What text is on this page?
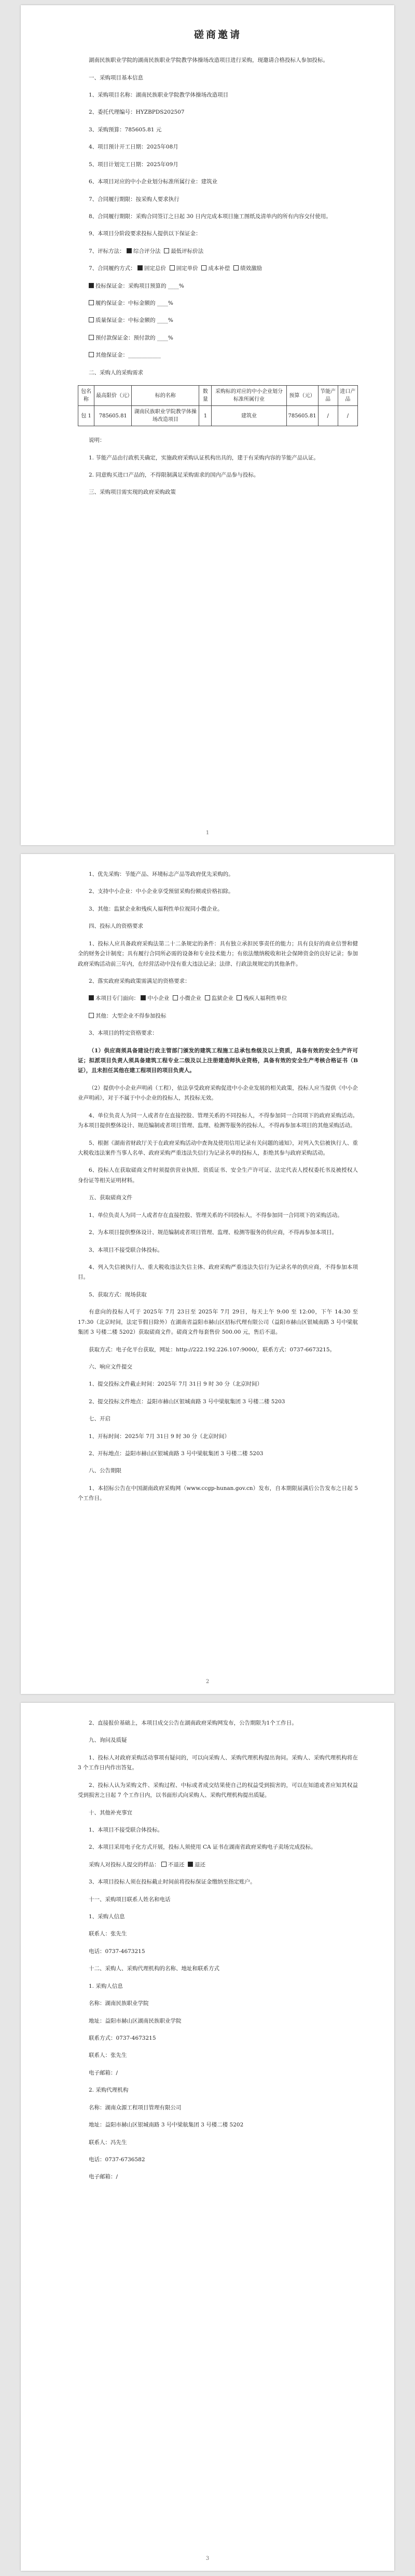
磋商邀请
湖南民族职业学院的湖南民族职业学院教学体操场改造项目进行采购，现邀请合格投标人参加投标。
一、采购项目基本信息
1、采购项目名称：湖南民族职业学院教学体操场改造项目
2、委托代理编号：HYZBPDS202507
3、采购预算：785605.81 元
4、项目预计开工日期：2025年08月
5、项目计划完工日期：2025年09月
6、本项目对应的中小企业划分标准所属行业：建筑业
7、合同履行期限：按采购人要求执行
8、合同履行期限：采购合同签订之日起 30 日内完成本项目施工图纸及清单内的所有内容交付使用。
9、本项目分阶段要求投标人提供以下保证金：
7、评标方法： 综合评分法 最低评标价法
7、合同履约方式： 固定总价 固定单价 成本补偿 绩效激励
投标保证金：采购项目预算的 ____%
履约保证金：中标金额的 ____%
质量保证金：中标金额的 ____%
预付款保证金：预付款的 ____%
其他保证金：____________
二、采购人的采购需求
包名称	最高限价（元）	标的名称	数量	采购标的对应的中小企业划分标准所属行业	预算（元）	节能产品	进口产品
包 1	785605.81	湖南民族职业学院教学体操场改造项目	1	建筑业	785605.81	/	/
说明：
1. 节能产品由行政机关确定，实施政府采购认证机构出具的，建于有采购内容的节能产品认证。
2. 同意购买进口产品的，不得限制满足采购需求的国内产品参与投标。
三、采购项目需实现的政府采购政策
1
1、优先采购：节能产品、环境标志产品等政府优先采购的。
2、支持中小企业：中小企业享受预留采购份额或价格扣除。
3、其他：监狱企业和残疾人福利性单位视同小微企业。
四、投标人的资格要求
1、投标人应具备政府采购法第二十二条规定的条件：具有独立承担民事责任的能力；具有良好的商业信誉和健全的财务会计制度；具有履行合同所必需的设备和专业技术能力；有依法缴纳税收和社会保障资金的良好记录；参加政府采购活动前三年内，在经营活动中没有重大违法记录；法律、行政法规规定的其他条件。
2、落实政府采购政策需满足的资格要求：
本项目专门面向： 中小企业 小微企业 监狱企业 残疾人福利性单位
其他：大型企业不得参加投标
3、本项目的特定资格要求：
（1）供应商须具备建设行政主管部门颁发的建筑工程施工总承包叁级及以上资质，具备有效的安全生产许可证；拟派项目负责人须具备建筑工程专业二级及以上注册建造师执业资格，具备有效的安全生产考核合格证书（B证），且未担任其他在建工程项目的项目负责人。
（2）提供中小企业声明函（工程），依法享受政府采购促进中小企业发展的相关政策，投标人应当提供《中小企业声明函》，对于不属于中小企业的投标人，其投标无效。
4、单位负责人为同一人或者存在直接控股、管理关系的不同投标人，不得参加同一合同项下的政府采购活动。为本项目提供整体设计、规范编制或者项目管理、监理、检测等服务的投标人，不得再参加本项目的其他采购活动。
5、根据《湖南省财政厅关于在政府采购活动中查询及使用信用记录有关问题的通知》，对列入失信被执行人、重大税收违法案件当事人名单、政府采购严重违法失信行为记录名单的投标人，拒绝其参与政府采购活动。
6、投标人在获取磋商文件时须提供营业执照、资质证书、安全生产许可证、法定代表人授权委托书及被授权人身份证等相关证明材料。
五、获取磋商文件
1、单位负责人为同一人或者存在直接控股、管理关系的不同投标人，不得参加同一合同项下的采购活动。
2、为本项目提供整体设计、规范编制或者项目管理、监理、检测等服务的供应商，不得再参加本项目。
3、本项目不接受联合体投标。
4、列入失信被执行人、重大税收违法失信主体、政府采购严重违法失信行为记录名单的供应商，不得参加本项目。
5、获取方式：现场获取
有意向的投标人可于 2025年 7月 23日至 2025年 7月 29日，每天上午 9:00 至 12:00，下午 14:30 至 17:30（北京时间，法定节假日除外）在湖南省益阳市赫山区招标代理有限公司（益阳市赫山区银城南路 3 号中梁航集团 3 号楼二楼 5202）获取磋商文件。磋商文件每套售价 500.00 元，售后不退。
获取方式：电子化平台获取，网址：http://222.192.226.107:9000/，联系方式：0737-6673215。
六、响应文件提交
1、提交投标文件截止时间：2025年 7月 31日 9 时 30 分（北京时间）
2、提交投标文件地点：益阳市赫山区银城南路 3 号中梁航集团 3 号楼二楼 5203
七、开启
1、开标时间：2025年 7月 31日 9 时 30 分（北京时间）
2、开标地点：益阳市赫山区银城南路 3 号中梁航集团 3 号楼二楼 5203
八、公告期限
1、本招标公告在中国湖南政府采购网（www.ccgp-hunan.gov.cn）发布，自本期限届满后公告发布之日起 5 个工作日。
2
2、直接报价基础上，本项目成交公告在湖南政府采购网发布，公告期限为1个工作日。
九、询问及质疑
1、投标人对政府采购活动事项有疑问的，可以向采购人、采购代理机构提出询问。采购人、采购代理机构将在 3 个工作日内作出答复。
2、投标人认为采购文件、采购过程、中标或者成交结果使自己的权益受到损害的，可以在知道或者应知其权益受到损害之日起 7 个工作日内，以书面形式向采购人、采购代理机构提出质疑。
十、其他补充事宜
1、本项目不接受联合体投标。
2、本项目采用电子化方式开展，投标人须使用 CA 证书在湖南省政府采购电子卖场完成投标。
采购人对投标人提交的样品： 不退还 退还
3、本项目投标人须在投标截止时间前将投标保证金缴纳至指定账户。
十一、采购项目联系人姓名和电话
1、采购人信息
联系人：张先生
电话：0737-4673215
十二、采购人、采购代理机构的名称、地址和联系方式
1. 采购人信息
名称：湖南民族职业学院
地址：益阳市赫山区湖南民族职业学院
联系方式：0737-4673215
联系人：张先生
电子邮箱：/
2. 采购代理机构
名称：湖南众源工程项目管理有限公司
地址：益阳市赫山区银城南路 3 号中梁航集团 3 号楼二楼 5202
联系人：冯先生
电话：0737-6736582
电子邮箱：/
3
